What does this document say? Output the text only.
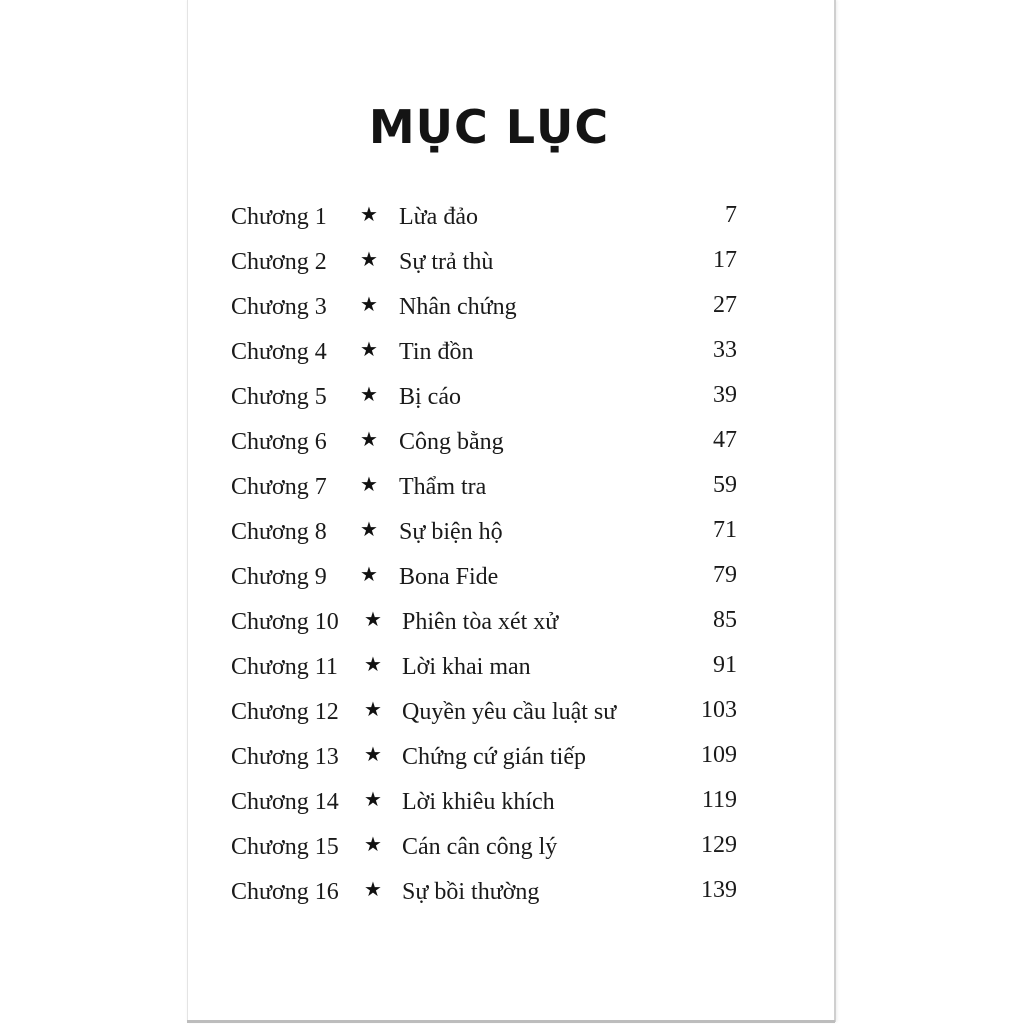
MỤC LỤC
Chương 1 ★ Lừa đảo	7
Chương 2 ★ Sự trả thù	17
Chương 3 ★ Nhân chứng	27
Chương 4 ★ Tin đồn	33
Chương 5 ★ Bị cáo	39
Chương 6 ★ Công bằng	47
Chương 7 ★ Thẩm tra	59
Chương 8 ★ Sự biện hộ	71
Chương 9 ★ Bona Fide	79
Chương 10 ★ Phiên tòa xét xử	85
Chương 11 ★ Lời khai man	91
Chương 12 ★ Quyền yêu cầu luật sư	103
Chương 13 ★ Chứng cứ gián tiếp	109
Chương 14 ★ Lời khiêu khích	119
Chương 15 ★ Cán cân công lý	129
Chương 16 ★ Sự bồi thường	139
